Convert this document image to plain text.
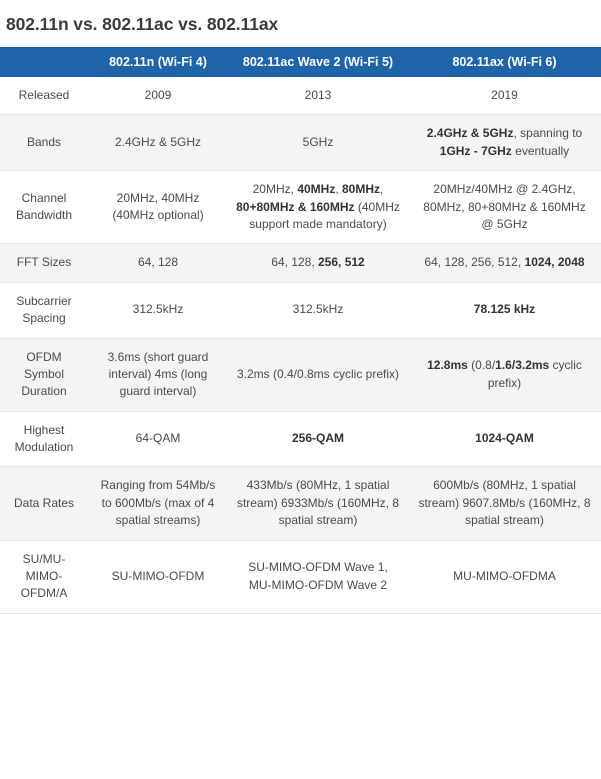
802.11n vs. 802.11ac vs. 802.11ax
	802.11n (Wi-Fi 4)	802.11ac Wave 2 (Wi-Fi 5)	802.11ax (Wi-Fi 6)
Released	2009	2013	2019
Bands	2.4GHz & 5GHz	5GHz	2.4GHz & 5GHz, spanning to 1GHz - 7GHz eventually
Channel Bandwidth	20MHz, 40MHz (40MHz optional)	20MHz, 40MHz, 80MHz, 80+80MHz & 160MHz (40MHz support made mandatory)	20MHz/40MHz @ 2.4GHz, 80MHz, 80+80MHz & 160MHz @ 5GHz
FFT Sizes	64, 128	64, 128, 256, 512	64, 128, 256, 512, 1024, 2048
Subcarrier Spacing	312.5kHz	312.5kHz	78.125 kHz
OFDM Symbol Duration	3.6ms (short guard interval) 4ms (long guard interval)	3.2ms (0.4/0.8ms cyclic prefix)	12.8ms (0.8/1.6/3.2ms cyclic prefix)
Highest Modulation	64-QAM	256-QAM	1024-QAM
Data Rates	Ranging from 54Mb/s to 600Mb/s (max of 4 spatial streams)	433Mb/s (80MHz, 1 spatial stream) 6933Mb/s (160MHz, 8 spatial stream)	600Mb/s (80MHz, 1 spatial stream) 9607.8Mb/s (160MHz, 8 spatial stream)
SU/MU-MIMO-OFDM/A	SU-MIMO-OFDM	SU-MIMO-OFDM Wave 1, MU-MIMO-OFDM Wave 2	MU-MIMO-OFDMA
